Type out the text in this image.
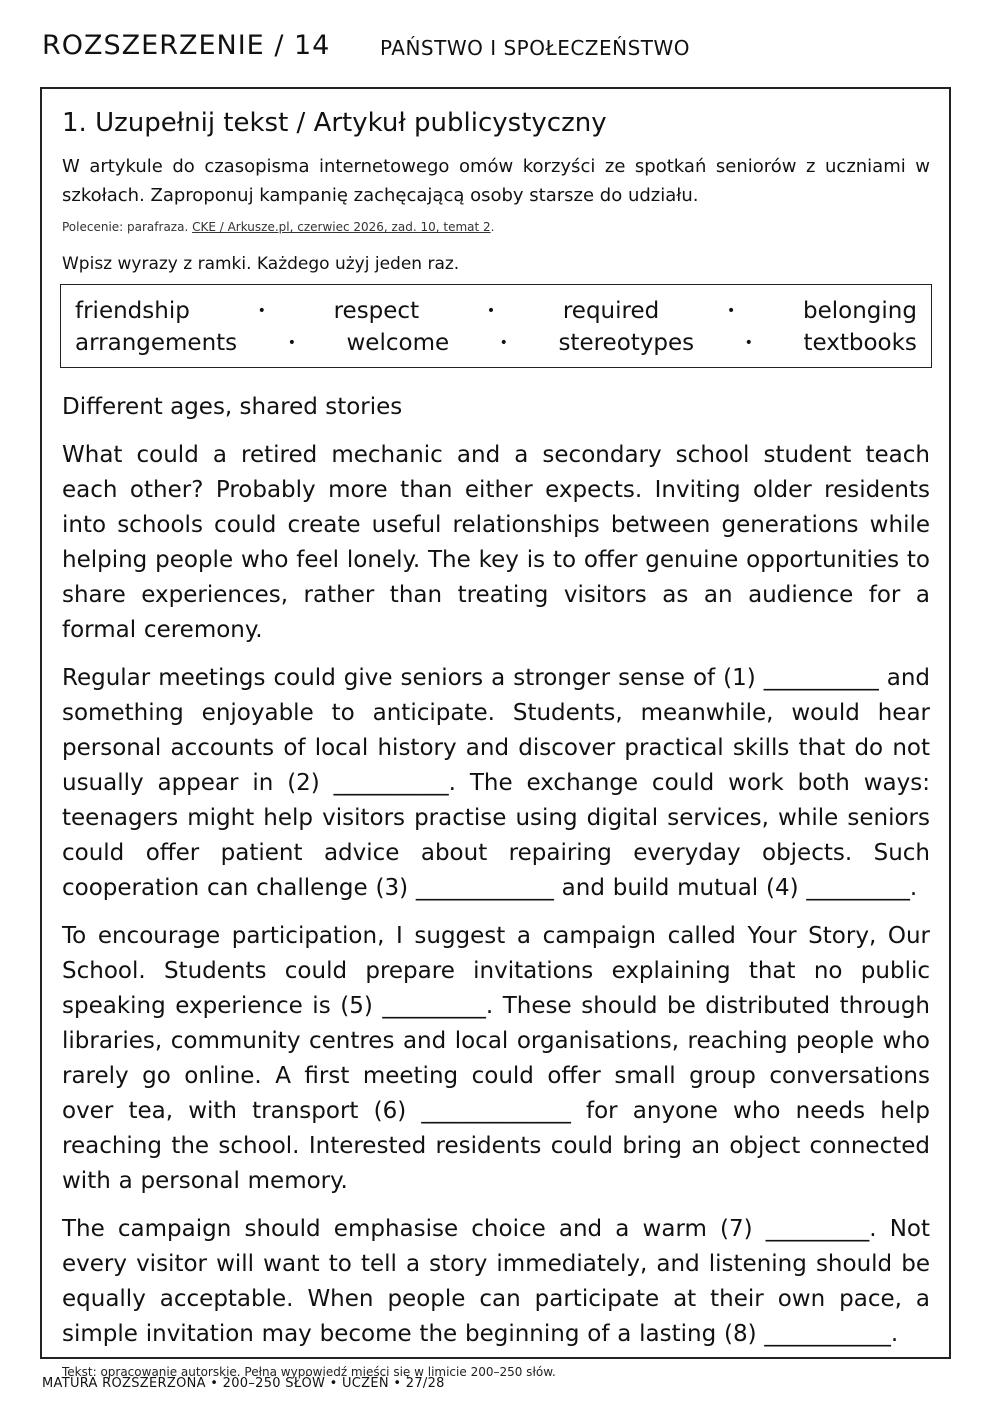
ROZSZERZENIE / 14 PAŃSTWO I SPOŁECZEŃSTWO
1. Uzupełnij tekst / Artykuł publicystyczny

W artykule do czasopisma internetowego omów korzyści ze spotkań seniorów z uczniami w szkołach. Zaproponuj kampanię zachęcającą osoby starsze do udziału.

Polecenie: parafraza. CKE / Arkusze.pl, czerwiec 2026, zad. 10, temat 2.

Wpisz wyrazy z ramki. Każdego użyj jeden raz.

friendship	•	respect	•	required	•	belonging
arrangements	• welcome	• stereotypes	• textbooks
Different ages, shared stories

What could a retired mechanic and a secondary school student teach each other? Probably more than either expects. Inviting older residents into schools could create useful relationships between generations while helping people who feel lonely. The key is to offer genuine opportunities to share experiences, rather than treating visitors as an audience for a formal ceremony.

Regular meetings could give seniors a stronger sense of (1) __________ and something enjoyable to anticipate. Students, meanwhile, would hear personal accounts of local history and discover practical skills that do not usually appear in (2) __________. The exchange could work both ways: teenagers might help visitors practise using digital services, while seniors could offer patient advice about repairing everyday objects. Such cooperation can challenge (3) ____________ and build mutual (4) _________.

To encourage participation, I suggest a campaign called Your Story, Our School. Students could prepare invitations explaining that no public speaking experience is (5) _________. These should be distributed through libraries, community centres and local organisations, reaching people who rarely go online. A first meeting could offer small group conversations over tea, with transport (6) _____________ for anyone who needs help reaching the school. Interested residents could bring an object connected with a personal memory.

The campaign should emphasise choice and a warm (7) _________. Not every visitor will want to tell a story immediately, and listening should be equally acceptable. When people can participate at their own pace, a simple invitation may become the beginning of a lasting (8) ___________.

Tekst: opracowanie autorskie. Pełna wypowiedź mieści się w limicie 200–250 słów.
MATURA ROZSZERZONA • 200–250 SŁÓW • UCZEŃ • 27/28
